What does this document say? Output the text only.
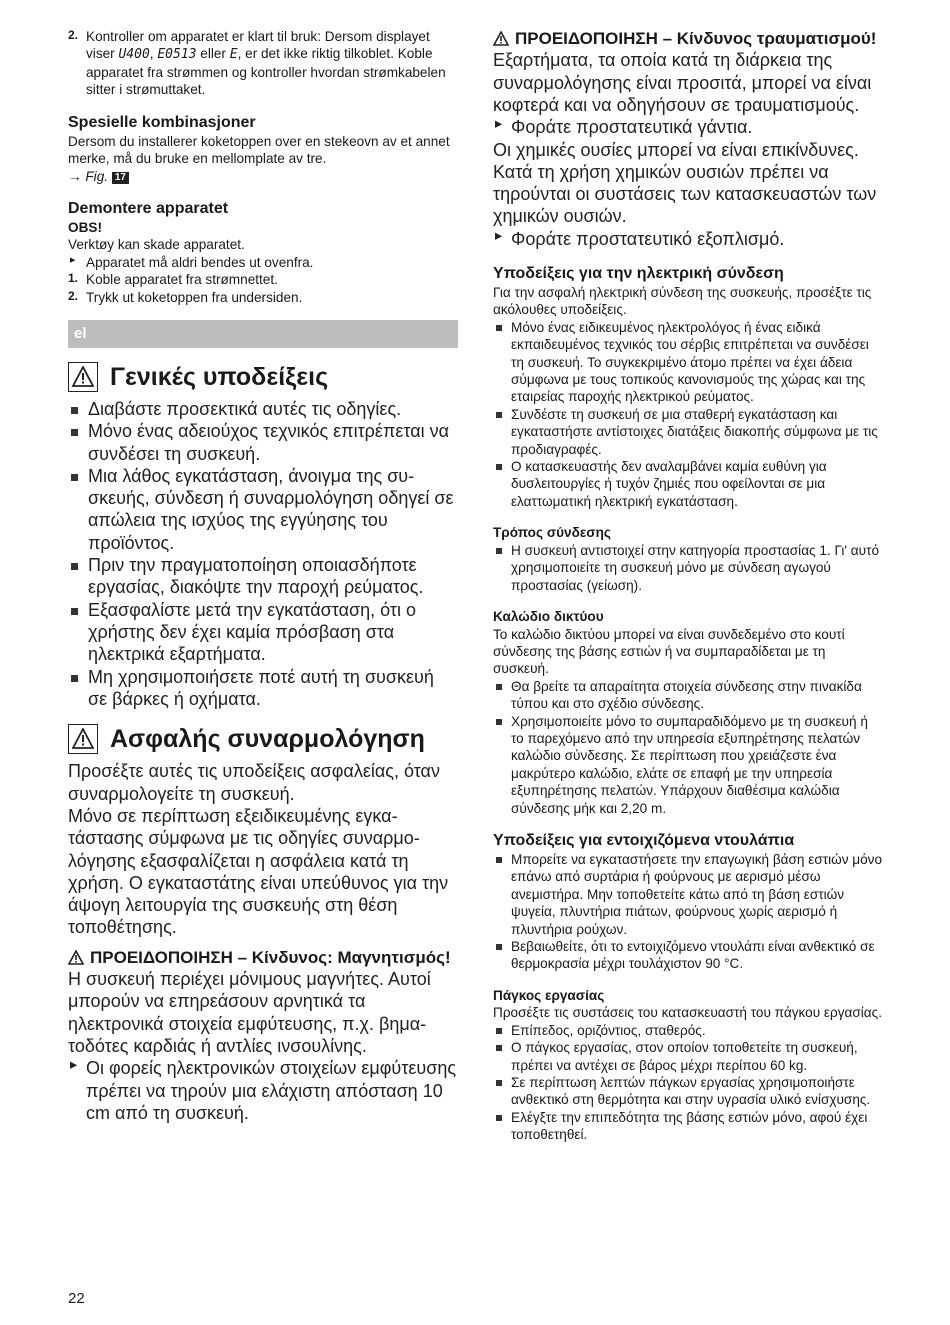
2. Kontroller om apparatet er klart til bruk: Dersom displayet viser U400, E0513 eller E, er det ikke riktig tilkoblet. Koble apparatet fra strømmen og kontroller hvordan strømkabelen sitter i strømuttaket.
Spesielle kombinasjoner

Dersom du installerer koketoppen over en stekeovn av et annet merke, må du bruke en mellomplate av tre.

→ Fig. 17

Demontere apparatet

OBS!

Verktøy kan skade apparatet.

▸ Apparatet må aldri bendes ut ovenfra.
1. Koble apparatet fra strømnettet.
2. Trykk ut koketoppen fra undersiden.
el
Γενικές υποδείξεις
Διαβάστε προσεκτικά αυτές τις οδηγίες.
Μόνο ένας αδειούχος τεχνικός επιτρέπεται να συνδέσει τη συσκευή.
Μια λάθος εγκατάσταση, άνοιγμα της συσκευής, σύνδεση ή συναρμολόγηση οδηγεί σε απώλεια της ισχύος της εγγύησης του προϊόντος.
Πριν την πραγματοποίηση οποιασδήποτε εργασίας, διακόψτε την παροχή ρεύματος.
Εξασφαλίστε μετά την εγκατάσταση, ότι ο χρήστης δεν έχει καμία πρόσβαση στα ηλεκτρικά εξαρτήματα.
Μη χρησιμοποιήσετε ποτέ αυτή τη συσκευή σε βάρκες ή οχήματα.
Ασφαλής συναρμολόγηση

Προσέξτε αυτές τις υποδείξεις ασφαλείας, όταν συναρμολογείτε τη συσκευή.

Μόνο σε περίπτωση εξειδικευμένης εγκατάστασης σύμφωνα με τις οδηγίες συναρμολόγησης εξασφαλίζεται η ασφάλεια κατά τη χρήση. Ο εγκαταστάτης είναι υπεύθυνος για την άψογη λειτουργία της συσκευής στη θέση τοποθέτησης.

ΠΡΟΕΙΔΟΠΟΙΗΣΗ – Κίνδυνος: Μαγνητισμός!

Η συσκευή περιέχει μόνιμους μαγνήτες. Αυτοί μπορούν να επηρεάσουν αρνητικά τα ηλεκτρονικά στοιχεία εμφύτευσης, π.χ. βηματοδότες καρδιάς ή αντλίες ινσουλίνης.

▸ Οι φορείς ηλεκτρονικών στοιχείων εμφύτευσης πρέπει να τηρούν μια ελάχιστη απόσταση 10 cm από τη συσκευή.
ΠΡΟΕΙΔΟΠΟΙΗΣΗ – Κίνδυνος τραυματισμού!

Εξαρτήματα, τα οποία κατά τη διάρκεια της συναρμολόγησης είναι προσιτά, μπορεί να είναι κοφτερά και να οδηγήσουν σε τραυματισμούς.

▸ Φοράτε προστατευτικά γάντια.

Οι χημικές ουσίες μπορεί να είναι επικίνδυνες. Κατά τη χρήση χημικών ουσιών πρέπει να τηρούνται οι συστάσεις των κατασκευαστών των χημικών ουσιών.

▸ Φοράτε προστατευτικό εξοπλισμό.
Υποδείξεις για την ηλεκτρική σύνδεση

Για την ασφαλή ηλεκτρική σύνδεση της συσκευής, προσέξτε τις ακόλουθες υποδείξεις.

Μόνο ένας ειδικευμένος ηλεκτρολόγος ή ένας ειδικά εκπαιδευμένος τεχνικός του σέρβις επιτρέπεται να συνδέσει τη συσκευή. Το συγκεκριμένο άτομο πρέπει να έχει άδεια σύμφωνα με τους τοπικούς κανονισμούς της χώρας και της εταιρείας παροχής ηλεκτρικού ρεύματος.
Συνδέστε τη συσκευή σε μια σταθερή εγκατάσταση και εγκαταστήστε αντίστοιχες διατάξεις διακοπής σύμφωνα με τις προδιαγραφές.
Ο κατασκευαστής δεν αναλαμβάνει καμία ευθύνη για δυσλειτουργίες ή τυχόν ζημιές που οφείλονται σε μια ελαττωματική ηλεκτρική εγκατάσταση.
Τρόπος σύνδεσης
Η συσκευή αντιστοιχεί στην κατηγορία προστασίας 1. Γι' αυτό χρησιμοποιείτε τη συσκευή μόνο με σύνδεση αγωγού προστασίας (γείωση).
Καλώδιο δικτύου

Το καλώδιο δικτύου μπορεί να είναι συνδεδεμένο στο κουτί σύνδεσης της βάσης εστιών ή να συμπαραδίδεται με τη συσκευή.

Θα βρείτε τα απαραίτητα στοιχεία σύνδεσης στην πινακίδα τύπου και στο σχέδιο σύνδεσης.
Χρησιμοποιείτε μόνο το συμπαραδιδόμενο με τη συσκευή ή το παρεχόμενο από την υπηρεσία εξυπηρέτησης πελατών καλώδιο σύνδεσης. Σε περίπτωση που χρειάζεστε ένα μακρύτερο καλώδιο, ελάτε σε επαφή με την υπηρεσία εξυπηρέτησης πελατών. Υπάρχουν διαθέσιμα καλώδια σύνδεσης μήκ και 2,20 m.
Υποδείξεις για εντοιχιζόμενα ντουλάπια
Μπορείτε να εγκαταστήσετε την επαγωγική βάση εστιών μόνο επάνω από συρτάρια ή φούρνους με αερισμό μέσω ανεμιστήρα. Μην τοποθετείτε κάτω από τη βάση εστιών ψυγεία, πλυντήρια πιάτων, φούρνους χωρίς αερισμό ή πλυντήρια ρούχων.
Βεβαιωθείτε, ότι το εντοιχιζόμενο ντουλάπι είναι ανθεκτικό σε θερμοκρασία μέχρι τουλάχιστον 90 °C.
Πάγκος εργασίας

Προσέξτε τις συστάσεις του κατασκευαστή του πάγκου εργασίας.

Επίπεδος, οριζόντιος, σταθερός.
Ο πάγκος εργασίας, στον οποίον τοποθετείτε τη συσκευή, πρέπει να αντέχει σε βάρος μέχρι περίπου 60 kg.
Σε περίπτωση λεπτών πάγκων εργασίας χρησιμοποιήστε ανθεκτικό στη θερμότητα και στην υγρασία υλικό ενίσχυσης.
Ελέγξτε την επιπεδότητα της βάσης εστιών μόνο, αφού έχει τοποθετηθεί.
22
